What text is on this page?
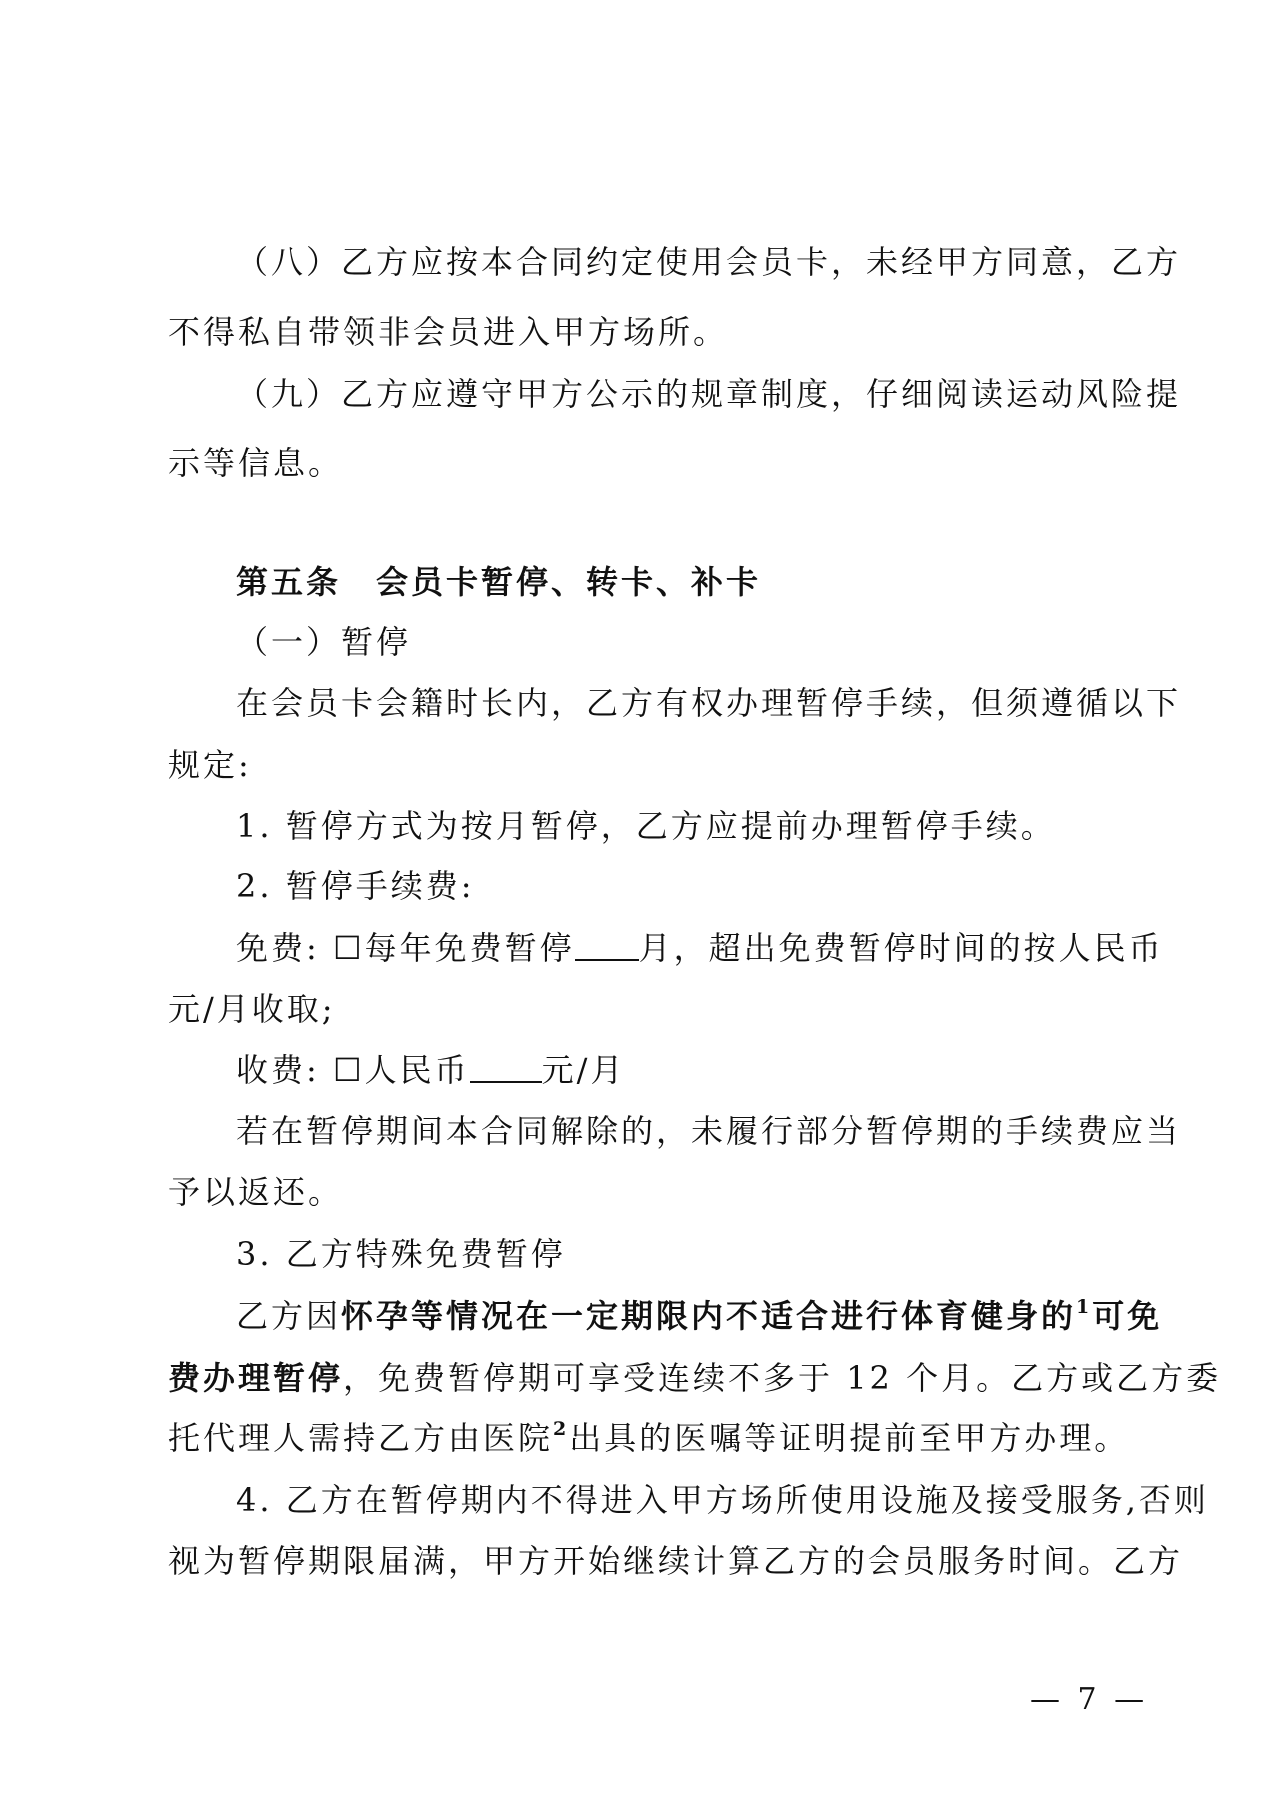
（八）乙方应按本合同约定使用会员卡，未经甲方同意，乙方
不得私自带领非会员进入甲方场所。
（九）乙方应遵守甲方公示的规章制度，仔细阅读运动风险提
示等信息。
第五条　会员卡暂停、转卡、补卡
（一）暂停
在会员卡会籍时长内，乙方有权办理暂停手续，但须遵循以下
规定:
1. 暂停方式为按月暂停，乙方应提前办理暂停手续。
2. 暂停手续费:
免费: ☐每年免费暂停 月，超出免费暂停时间的按人民币
元/月收取;
收费: ☐人民币 元/月
若在暂停期间本合同解除的，未履行部分暂停期的手续费应当
予以返还。
3. 乙方特殊免费暂停
乙方因怀孕等情况在一定期限内不适合进行体育健身的$^1$可免
费办理暂停，免费暂停期可享受连续不多于 12 个月。乙方或乙方委
托代理人需持乙方由医院$^2$出具的医嘱等证明提前至甲方办理。
4. 乙方在暂停期内不得进入甲方场所使用设施及接受服务,否则
视为暂停期限届满，甲方开始继续计算乙方的会员服务时间。乙方
— 7 —
